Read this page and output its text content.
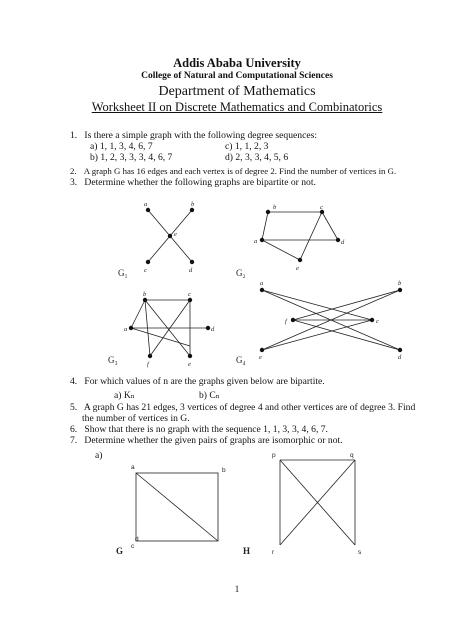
Addis Ababa University
College of Natural and Computational Sciences
Department of Mathematics
Worksheet II on Discrete Mathematics and Combinatorics
1. Is there a simple graph with the following degree sequences:
a) 1, 1, 3, 4, 6, 7	c) 1, 1, 2, 3
b) 1, 2, 3, 3, 3, 4, 6, 7	d) 2, 3, 3, 4, 5, 6
2. A graph G has 16 edges and each vertex is of degree 2. Find the number of vertices in G.
3. Determine whether the following graphs are bipartite or not.
4. For which values of n are the graphs given below are bipartite.
a) Kₙ	b) Cₙ
5. A graph G has 21 edges, 3 vertices of degree 4 and other vertices are of degree 3. Find
the number of vertices in G.
6. Show that there is no graph with the sequence 1, 1, 3, 3, 4, 6, 7.
7. Determine whether the given pairs of graphs are isomorphic or not.
a)
a	b
e
c	d
G₁
b	c
a	d
e
G₂
b	c
a	d
f	e
G₃
a	b
f	c
e	d
G₄
a	b
c
d
G
p	q
r	s
H
1
